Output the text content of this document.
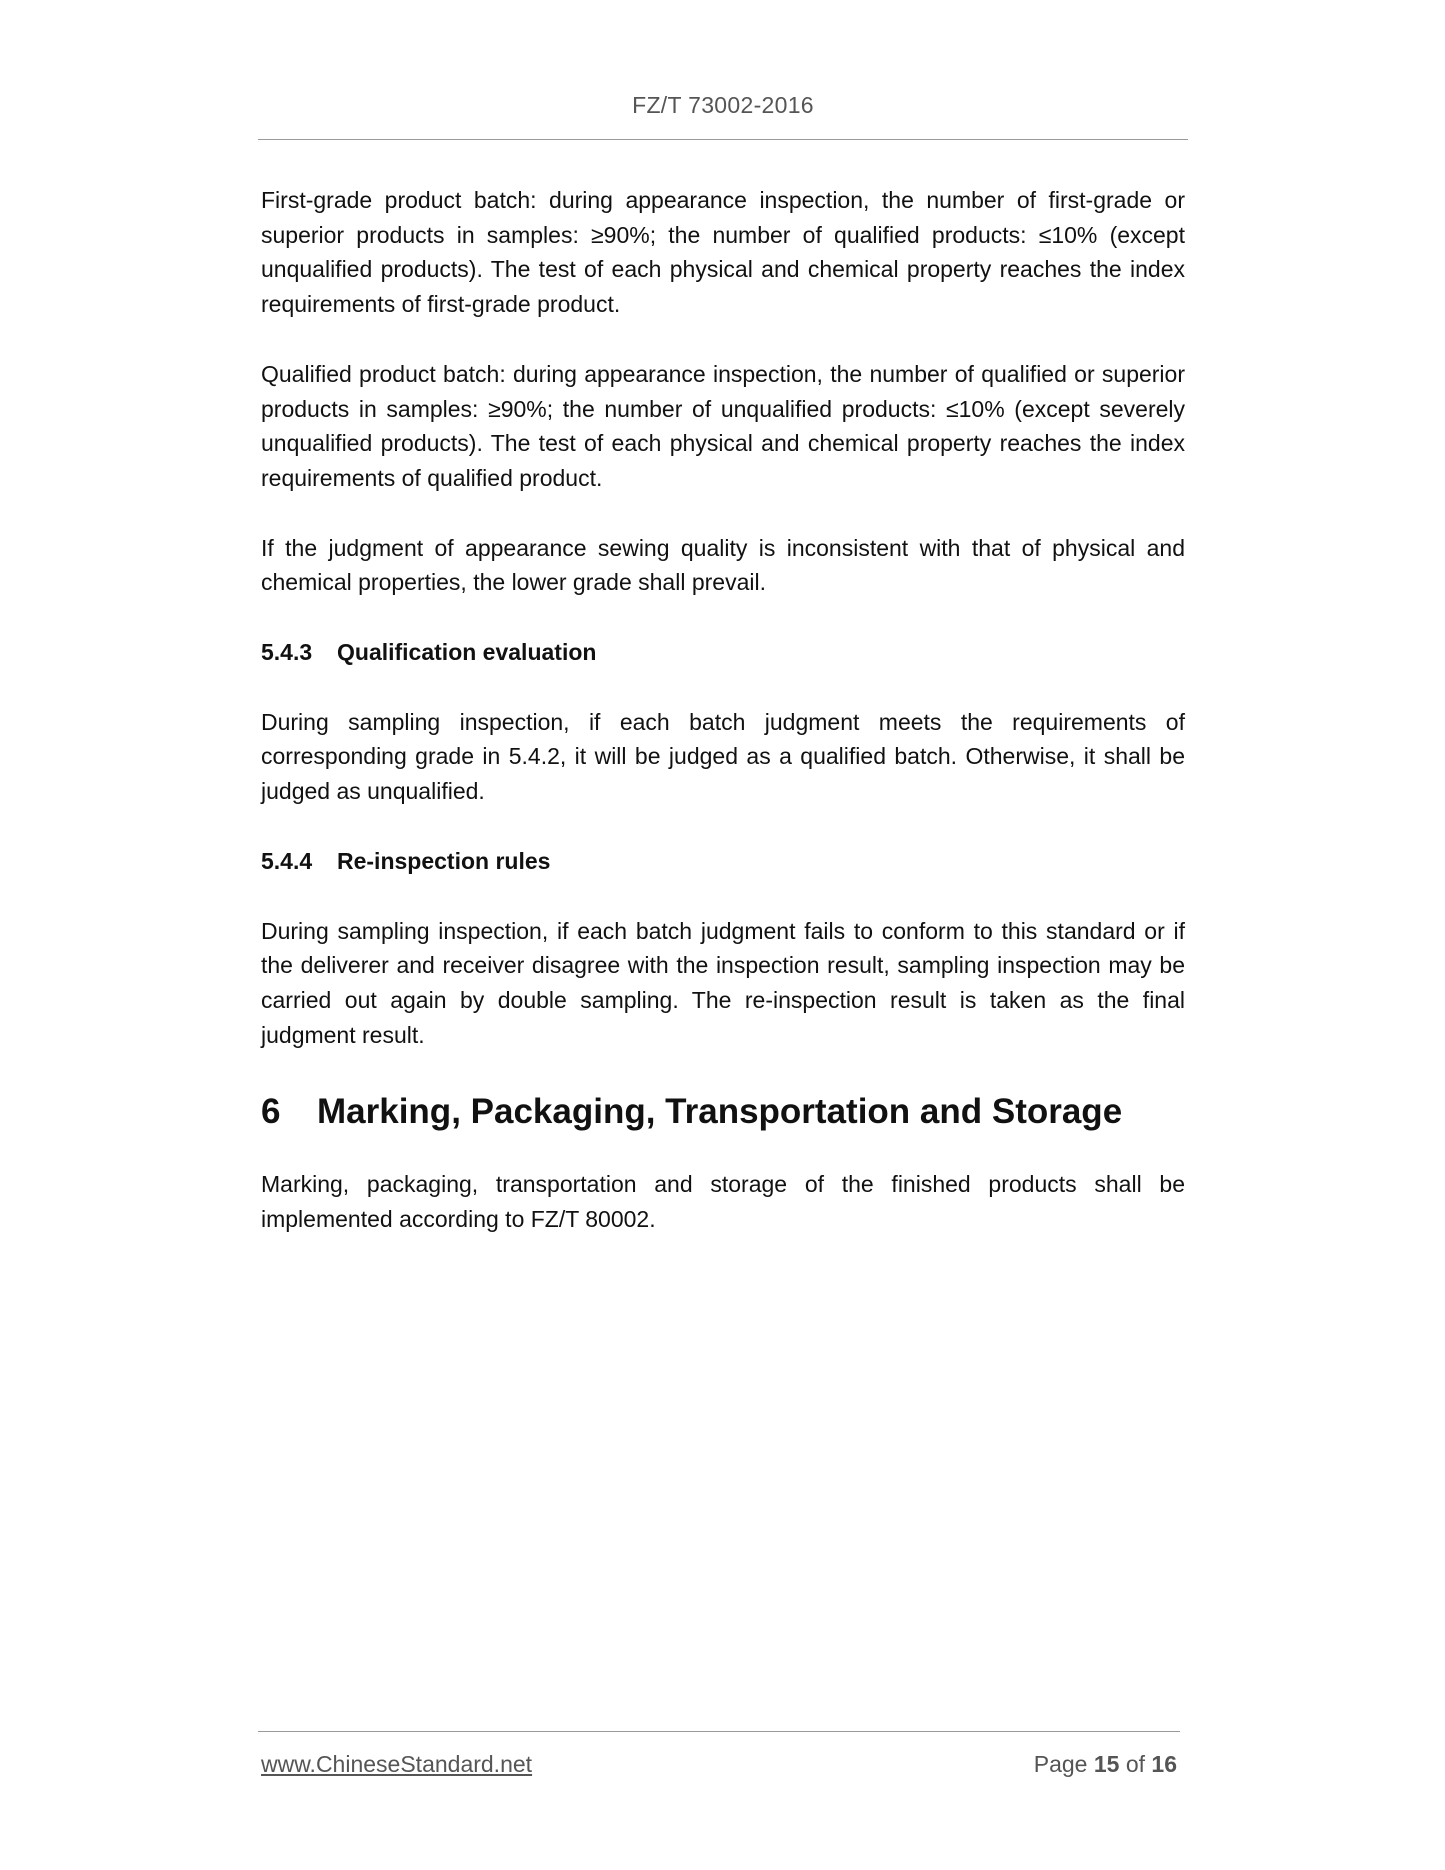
FZ/T 73002-2016

First-grade product batch: during appearance inspection, the number of first-grade or superior products in samples: ≥90%; the number of qualified products: ≤10% (except unqualified products). The test of each physical and chemical property reaches the index requirements of first-grade product.

Qualified product batch: during appearance inspection, the number of qualified or superior products in samples: ≥90%; the number of unqualified products: ≤10% (except severely unqualified products). The test of each physical and chemical property reaches the index requirements of qualified product.

If the judgment of appearance sewing quality is inconsistent with that of physical and chemical properties, the lower grade shall prevail.

5.4.3 Qualification evaluation

During sampling inspection, if each batch judgment meets the requirements of corresponding grade in 5.4.2, it will be judged as a qualified batch. Otherwise, it shall be judged as unqualified.

5.4.4 Re-inspection rules

During sampling inspection, if each batch judgment fails to conform to this standard or if the deliverer and receiver disagree with the inspection result, sampling inspection may be carried out again by double sampling. The re-inspection result is taken as the final judgment result.

6 Marking, Packaging, Transportation and Storage

Marking, packaging, transportation and storage of the finished products shall be implemented according to FZ/T 80002.

www.ChineseStandard.net	Page 15 of 16
